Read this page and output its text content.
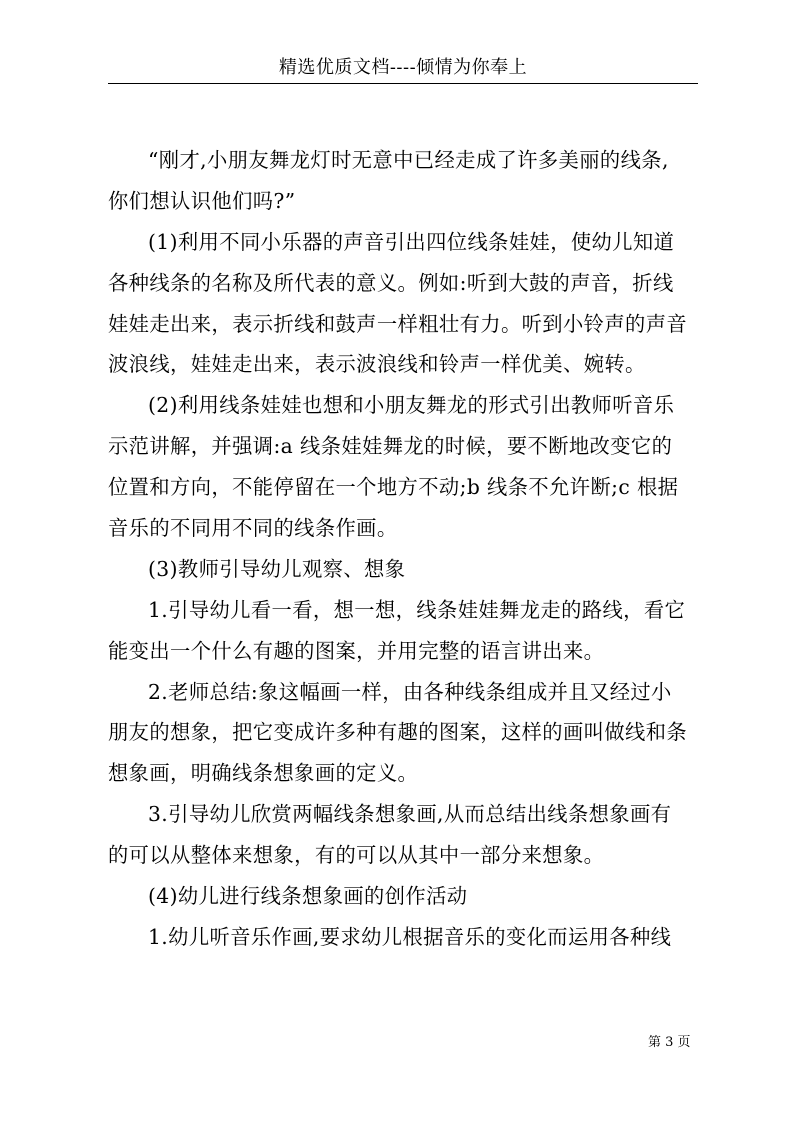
精选优质文档----倾情为你奉上
“刚才,小朋友舞龙灯时无意中已经走成了许多美丽的线条,
你们想认识他们吗?”
(1)利用不同小乐器的声音引出四位线条娃娃，使幼儿知道
各种线条的名称及所代表的意义。例如:听到大鼓的声音，折线
娃娃走出来，表示折线和鼓声一样粗壮有力。听到小铃声的声音
波浪线，娃娃走出来，表示波浪线和铃声一样优美、婉转。
(2)利用线条娃娃也想和小朋友舞龙的形式引出教师听音乐
示范讲解，并强调:a 线条娃娃舞龙的时候，要不断地改变它的
位置和方向，不能停留在一个地方不动;b 线条不允许断;c 根据
音乐的不同用不同的线条作画。
(3)教师引导幼儿观察、想象
1.引导幼儿看一看，想一想，线条娃娃舞龙走的路线，看它
能变出一个什么有趣的图案，并用完整的语言讲出来。
2.老师总结:象这幅画一样，由各种线条组成并且又经过小
朋友的想象，把它变成许多种有趣的图案，这样的画叫做线和条
想象画，明确线条想象画的定义。
3.引导幼儿欣赏两幅线条想象画,从而总结出线条想象画有
的可以从整体来想象，有的可以从其中一部分来想象。
(4)幼儿进行线条想象画的创作活动
1.幼儿听音乐作画,要求幼儿根据音乐的变化而运用各种线
第 3 页
